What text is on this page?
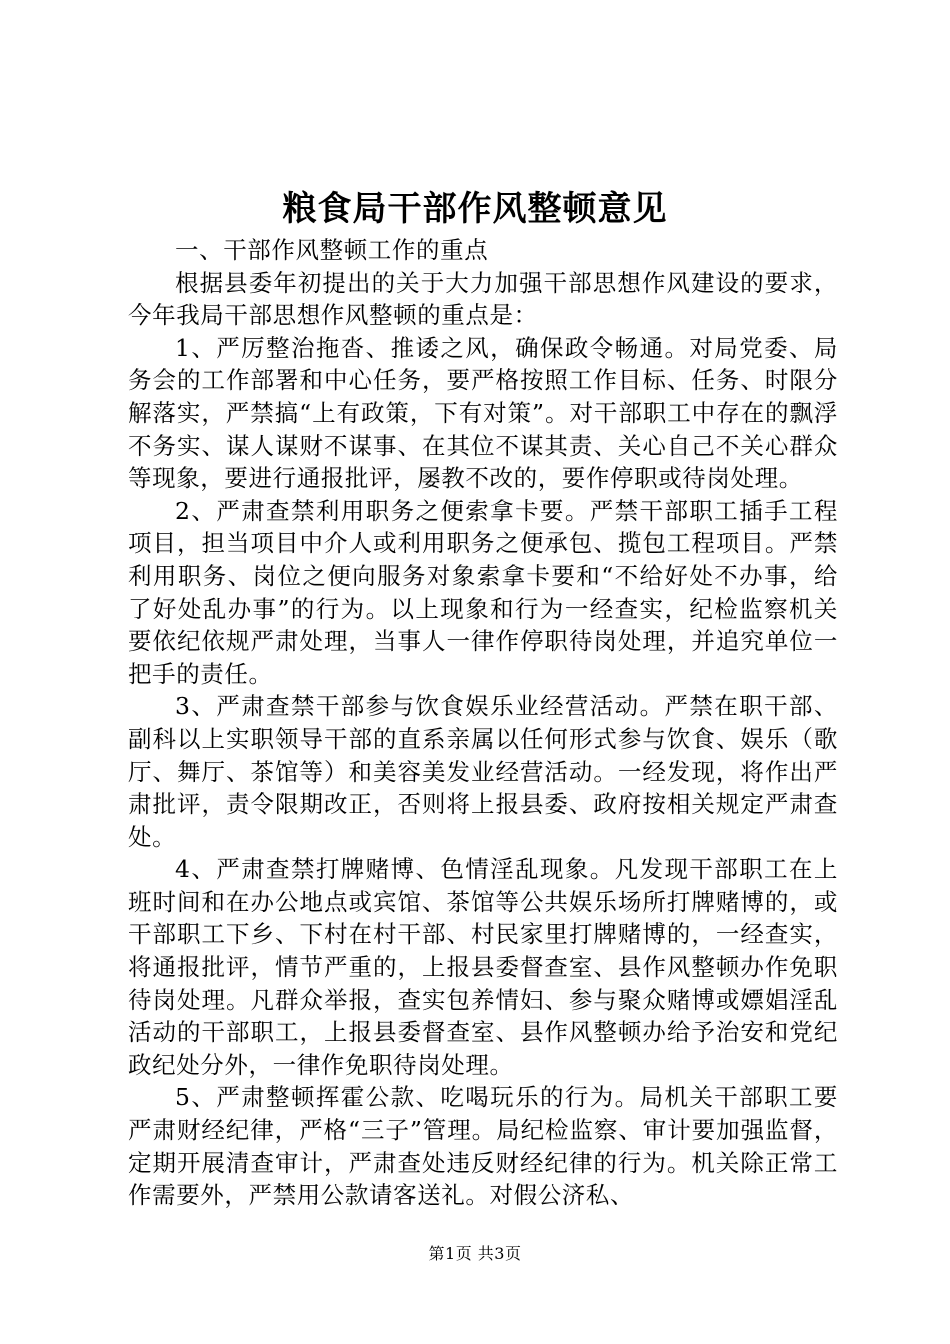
粮食局干部作风整顿意见

一、干部作风整顿工作的重点

根据县委年初提出的关于大力加强干部思想作风建设的要求，今年我局干部思想作风整顿的重点是：

1、严厉整治拖沓、推诿之风，确保政令畅通。对局党委、局务会的工作部署和中心任务，要严格按照工作目标、任务、时限分解落实，严禁搞“上有政策，下有对策”。对干部职工中存在的飘浮不务实、谋人谋财不谋事、在其位不谋其责、关心自己不关心群众等现象，要进行通报批评，屡教不改的，要作停职或待岗处理。

2、严肃查禁利用职务之便索拿卡要。严禁干部职工插手工程项目，担当项目中介人或利用职务之便承包、揽包工程项目。严禁利用职务、岗位之便向服务对象索拿卡要和“不给好处不办事，给了好处乱办事”的行为。以上现象和行为一经查实，纪检监察机关要依纪依规严肃处理，当事人一律作停职待岗处理，并追究单位一把手的责任。

3、严肃查禁干部参与饮食娱乐业经营活动。严禁在职干部、副科以上实职领导干部的直系亲属以任何形式参与饮食、娱乐（歌厅、舞厅、茶馆等）和美容美发业经营活动。一经发现，将作出严肃批评，责令限期改正，否则将上报县委、政府按相关规定严肃查处。

4、严肃查禁打牌赌博、色情淫乱现象。凡发现干部职工在上班时间和在办公地点或宾馆、茶馆等公共娱乐场所打牌赌博的，或干部职工下乡、下村在村干部、村民家里打牌赌博的，一经查实，将通报批评，情节严重的，上报县委督查室、县作风整顿办作免职待岗处理。凡群众举报，查实包养情妇、参与聚众赌博或嫖娼淫乱活动的干部职工，上报县委督查室、县作风整顿办给予治安和党纪政纪处分外，一律作免职待岗处理。

5、严肃整顿挥霍公款、吃喝玩乐的行为。局机关干部职工要严肃财经纪律，严格“三子”管理。局纪检监察、审计要加强监督，定期开展清查审计，严肃查处违反财经纪律的行为。机关除正常工作需要外，严禁用公款请客送礼。对假公济私、

第1页 共3页
